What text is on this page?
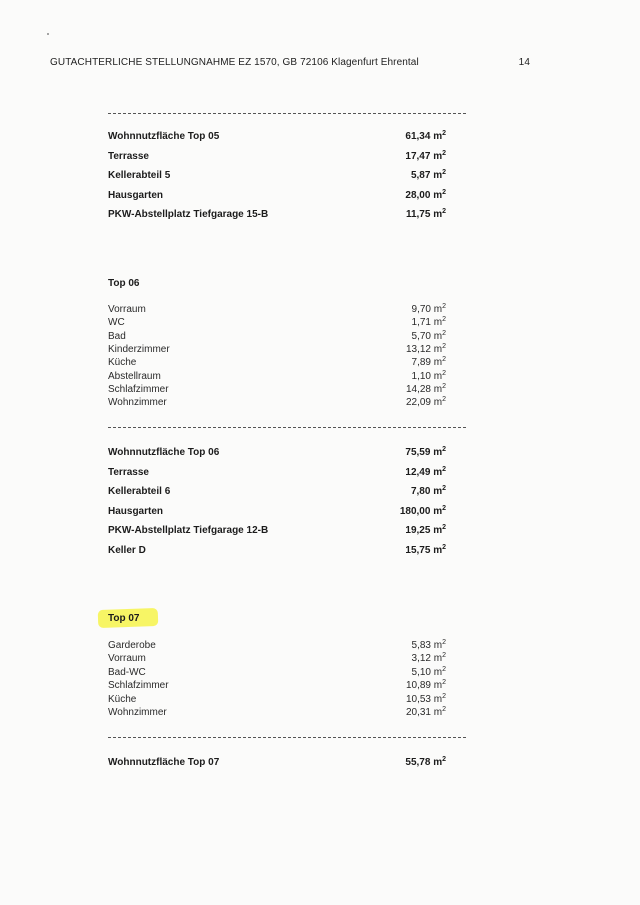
GUTACHTERLICHE STELLUNGNAHME EZ 1570, GB 72106 Klagenfurt Ehrental	14
Wohnnutzfläche Top 05	61,34 $m^2$
Terrasse	17,47 $m^2$
Kellerabteil 5	5,87 $m^2$
Hausgarten	28,00 $m^2$
PKW-Abstellplatz Tiefgarage 15-B	11,75 $m^2$
Top 06
Vorraum	9,70 $m^2$
WC	1,71 $m^2$
Bad	5,70 $m^2$
Kinderzimmer	13,12 $m^2$
Küche	7,89 $m^2$
Abstellraum	1,10 $m^2$
Schlafzimmer	14,28 $m^2$
Wohnzimmer	22,09 $m^2$
Wohnnutzfläche Top 06	75,59 $m^2$
Terrasse	12,49 $m^2$
Kellerabteil 6	7,80 $m^2$
Hausgarten	180,00 $m^2$
PKW-Abstellplatz Tiefgarage 12-B	19,25 $m^2$
Keller D	15,75 $m^2$
Top 07
Garderobe	5,83 $m^2$
Vorraum	3,12 $m^2$
Bad-WC	5,10 $m^2$
Schlafzimmer	10,89 $m^2$
Küche	10,53 $m^2$
Wohnzimmer	20,31 $m^2$
Wohnnutzfläche Top 07	55,78 $m^2$
